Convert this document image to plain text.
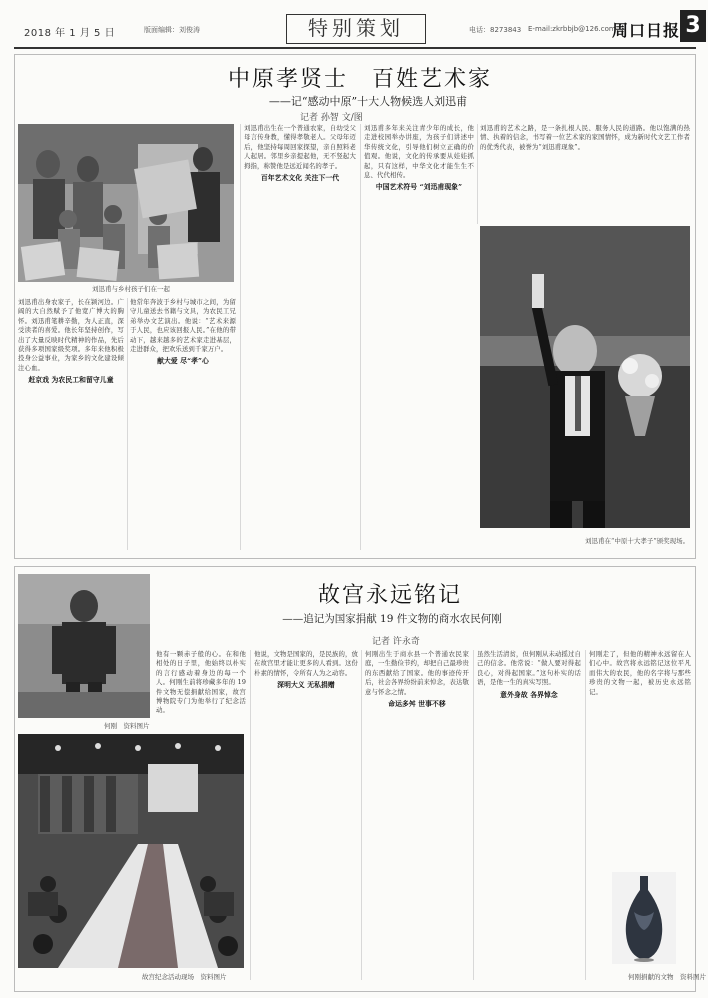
2018 年 1 月 5 日	版面编辑：刘俊涛	特别策划	电话：8273843 E-mail:zkrbbjb@126.com
周口日报 3
中原孝贤士　百姓艺术家
——记“感动中原”十大人物候选人刘迅甫
记者 孙智 文/图
刘迅甫与乡村孩子们在一起
刘迅甫在“中原十大孝子”颁奖现场。
刘迅甫出身农家子，长在颍河边。广阔的大自然赋予了他宽广博大的胸怀。刘迅甫笔耕辛勤，为人正直，深受读者的喜爱。他长年坚持创作，写出了大量反映时代精神的作品，先后获得多项国家级奖项。多年来他积极投身公益事业，为家乡的文化建设倾注心血。
赶京戏 为农民工和留守儿童
他常年奔波于乡村与城市之间，为留守儿童送去书籍与文具，为农民工兄弟举办文艺演出。他说：“艺术来源于人民，也应该回报人民。”在他的带动下，越来越多的艺术家走进基层，走进群众，把欢乐送到千家万户。
献大爱 尽“孝”心
刘迅甫出生在一个普通农家，自幼受父母言传身教，懂得孝敬老人。父母年迈后，他坚持每周回家探望，亲自照料老人起居。邻里乡亲提起他，无不竖起大拇指，称赞他是远近闻名的孝子。
百年艺术文化 关注下一代
刘迅甫多年来关注青少年的成长，他走进校园举办讲座，为孩子们讲述中华传统文化，引导他们树立正确的价值观。他说，文化的传承要从娃娃抓起，只有这样，中华文化才能生生不息、代代相传。
中国艺术符号 “刘迅甫现象”
刘迅甫的艺术之路，是一条扎根人民、服务人民的道路。他以饱满的热情、执着的信念，书写着一位艺术家的家国情怀，成为新时代文艺工作者的优秀代表，被誉为“刘迅甫现象”。
故宫永远铭记
——追记为国家捐献 19 件文物的商水农民何刚
记者 许永奇
何刚　资料图片
故宫纪念活动现场　资料图片	何刚捐献的文物　资料图片
他有一颗赤子般的心。在和他相处的日子里，他始终以朴实的言行感动着身边的每一个人。何刚生前将珍藏多年的 19 件文物无偿捐献给国家，故宫博物院专门为他举行了纪念活动。
他说，文物是国家的，是民族的，放在故宫里才能让更多的人看到。这份朴素的情怀，令所有人为之动容。
深明大义 无私捐赠
何刚出生于商水县一个普通农民家庭，一生勤俭节约，却把自己最珍贵的东西献给了国家。他的事迹传开后，社会各界纷纷前来悼念，表达敬意与怀念之情。
命运多舛 世事不移
虽然生活清贫，但何刚从未动摇过自己的信念。他常说：“做人要对得起良心，对得起国家。”这句朴实的话语，是他一生的真实写照。
意外身故 各界悼念
何刚走了，但他的精神永远留在人们心中。故宫将永远铭记这位平凡而伟大的农民，他的名字将与那些珍贵的文物一起，被历史永远铭记。
